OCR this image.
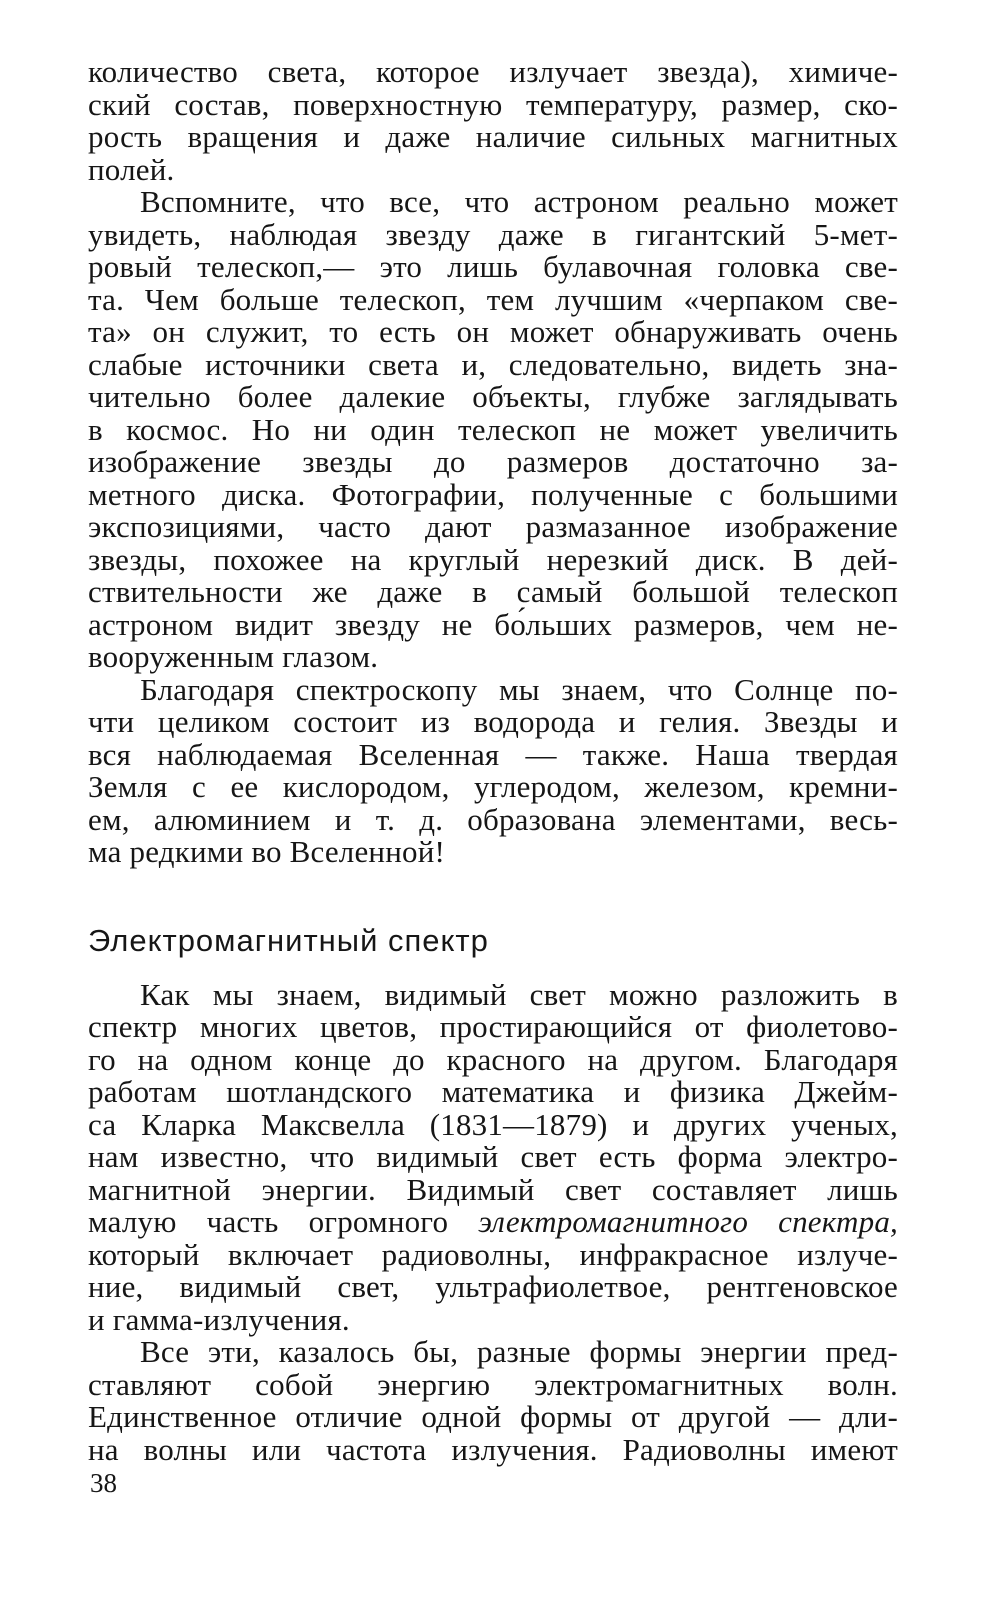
количество света, которое излучает звезда), химиче-
ский состав, поверхностную температуру, размер, ско-
рость вращения и даже наличие сильных магнитных
полей.
Вспомните, что все, что астроном реально может
увидеть, наблюдая звезду даже в гигантский 5-мет-
ровый телескоп,— это лишь булавочная головка све-
та. Чем больше телескоп, тем лучшим «черпаком све-
та» он служит, то есть он может обнаруживать очень
слабые источники света и, следовательно, видеть зна-
чительно более далекие объекты, глубже заглядывать
в космос. Но ни один телескоп не может увеличить
изображение звезды до размеров достаточно за-
метного диска. Фотографии, полученные с большими
экспозициями, часто дают размазанное изображение
звезды, похожее на круглый нерезкий диск. В дей-
ствительности же даже в самый большой телескоп
астроном видит звезду не бо́льших размеров, чем не-
вооруженным глазом.
Благодаря спектроскопу мы знаем, что Солнце по-
чти целиком состоит из водорода и гелия. Звезды и
вся наблюдаемая Вселенная — также. Наша твердая
Земля с ее кислородом, углеродом, железом, кремни-
ем, алюминием и т. д. образована элементами, весь-
ма редкими во Вселенной!
Электромагнитный спектр
Как мы знаем, видимый свет можно разложить в
спектр многих цветов, простирающийся от фиолетово-
го на одном конце до красного на другом. Благодаря
работам шотландского математика и физика Джейм-
са Кларка Максвелла (1831—1879) и других ученых,
нам известно, что видимый свет есть форма электро-
магнитной энергии. Видимый свет составляет лишь
малую часть огромного электромагнитного спектра,
который включает радиоволны, инфракрасное излуче-
ние, видимый свет, ультрафиолетвое, рентгеновское
и гамма-излучения.
Все эти, казалось бы, разные формы энергии пред-
ставляют собой энергию электромагнитных волн.
Единственное отличие одной формы от другой — дли-
на волны или частота излучения. Радиоволны имеют
38
